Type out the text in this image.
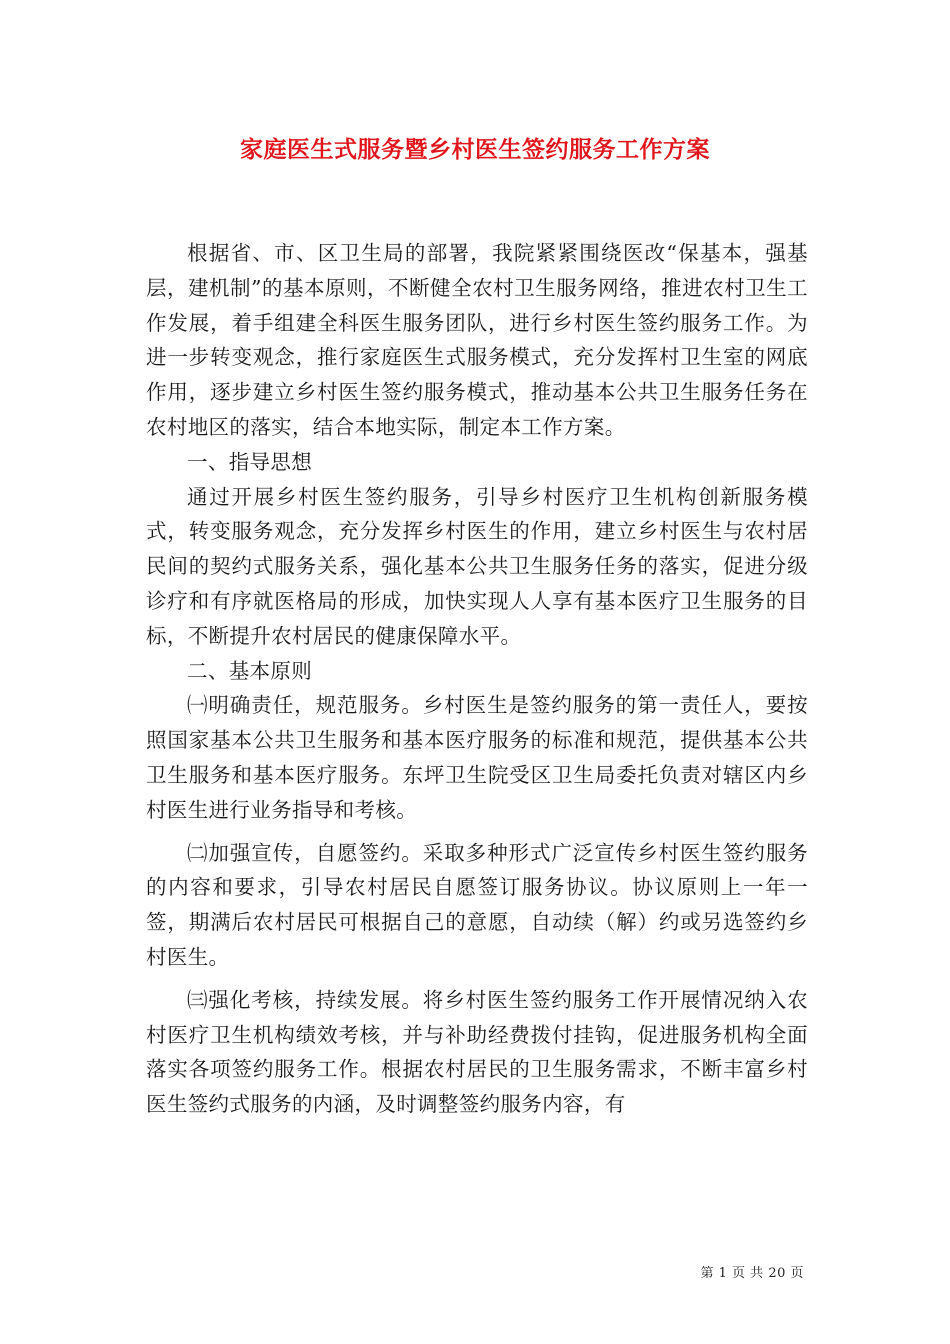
家庭医生式服务暨乡村医生签约服务工作方案

根据省、市、区卫生局的部署，我院紧紧围绕医改“保基本，强基层，建机制”的基本原则，不断健全农村卫生服务网络，推进农村卫生工作发展，着手组建全科医生服务团队，进行乡村医生签约服务工作。为进一步转变观念，推行家庭医生式服务模式，充分发挥村卫生室的网底作用，逐步建立乡村医生签约服务模式，推动基本公共卫生服务任务在农村地区的落实，结合本地实际，制定本工作方案。

一、指导思想

通过开展乡村医生签约服务，引导乡村医疗卫生机构创新服务模式，转变服务观念，充分发挥乡村医生的作用，建立乡村医生与农村居民间的契约式服务关系，强化基本公共卫生服务任务的落实，促进分级诊疗和有序就医格局的形成，加快实现人人享有基本医疗卫生服务的目标，不断提升农村居民的健康保障水平。

二、基本原则

㈠明确责任，规范服务。乡村医生是签约服务的第一责任人，要按照国家基本公共卫生服务和基本医疗服务的标准和规范，提供基本公共卫生服务和基本医疗服务。东坪卫生院受区卫生局委托负责对辖区内乡村医生进行业务指导和考核。

㈡加强宣传，自愿签约。采取多种形式广泛宣传乡村医生签约服务的内容和要求，引导农村居民自愿签订服务协议。协议原则上一年一签，期满后农村居民可根据自己的意愿，自动续（解）约或另选签约乡村医生。

㈢强化考核，持续发展。将乡村医生签约服务工作开展情况纳入农村医疗卫生机构绩效考核，并与补助经费拨付挂钩，促进服务机构全面落实各项签约服务工作。根据农村居民的卫生服务需求，不断丰富乡村医生签约式服务的内涵，及时调整签约服务内容，有

第 1 页 共 20 页
